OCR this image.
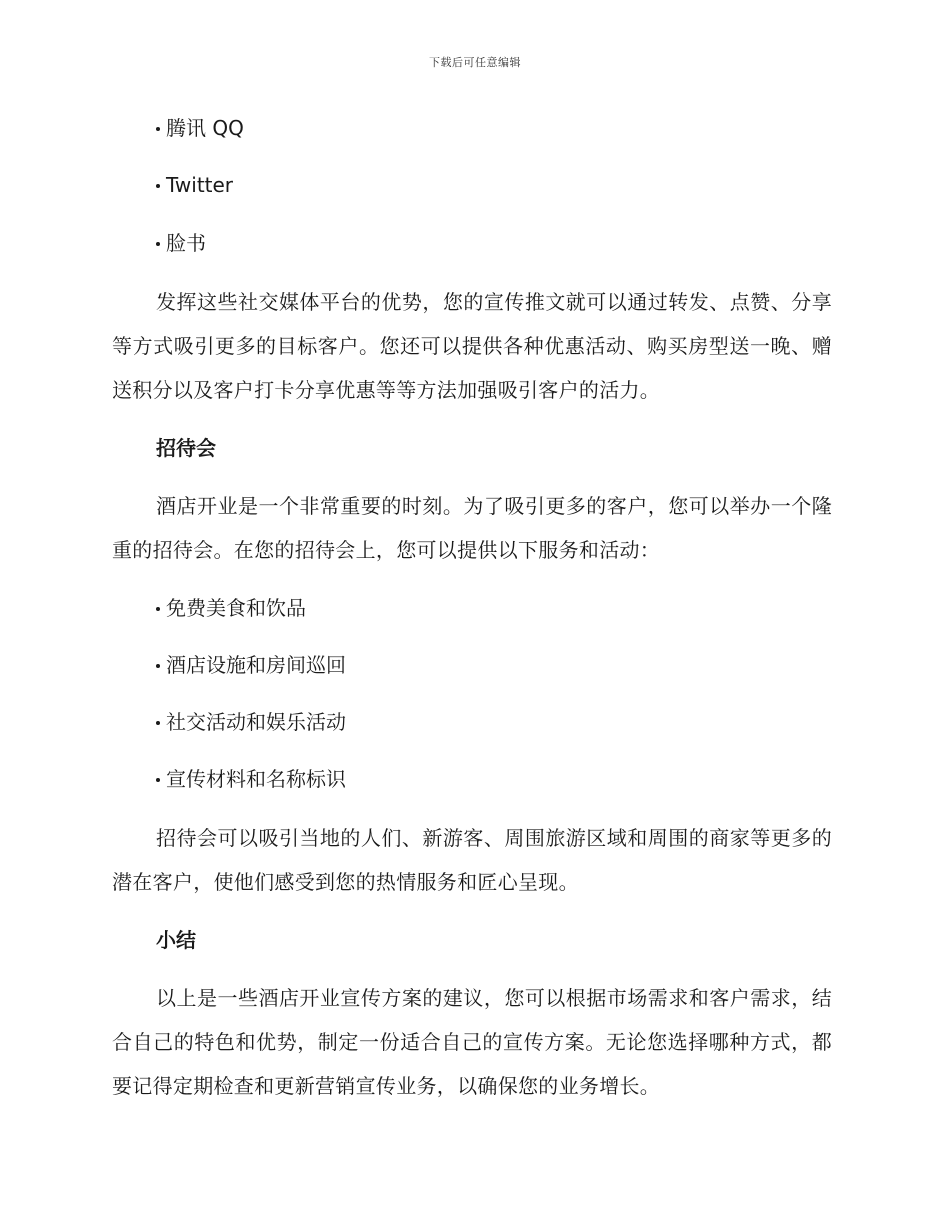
下载后可任意编辑
腾讯 QQ
Twitter
脸书
发挥这些社交媒体平台的优势，您的宣传推文就可以通过转发、点赞、分享等方式吸引更多的目标客户。您还可以提供各种优惠活动、购买房型送一晚、赠送积分以及客户打卡分享优惠等等方法加强吸引客户的活力。
招待会
酒店开业是一个非常重要的时刻。为了吸引更多的客户，您可以举办一个隆重的招待会。在您的招待会上，您可以提供以下服务和活动：
免费美食和饮品
酒店设施和房间巡回
社交活动和娱乐活动
宣传材料和名称标识
招待会可以吸引当地的人们、新游客、周围旅游区域和周围的商家等更多的潜在客户，使他们感受到您的热情服务和匠心呈现。
小结
以上是一些酒店开业宣传方案的建议，您可以根据市场需求和客户需求，结合自己的特色和优势，制定一份适合自己的宣传方案。无论您选择哪种方式，都要记得定期检查和更新营销宣传业务，以确保您的业务增长。
